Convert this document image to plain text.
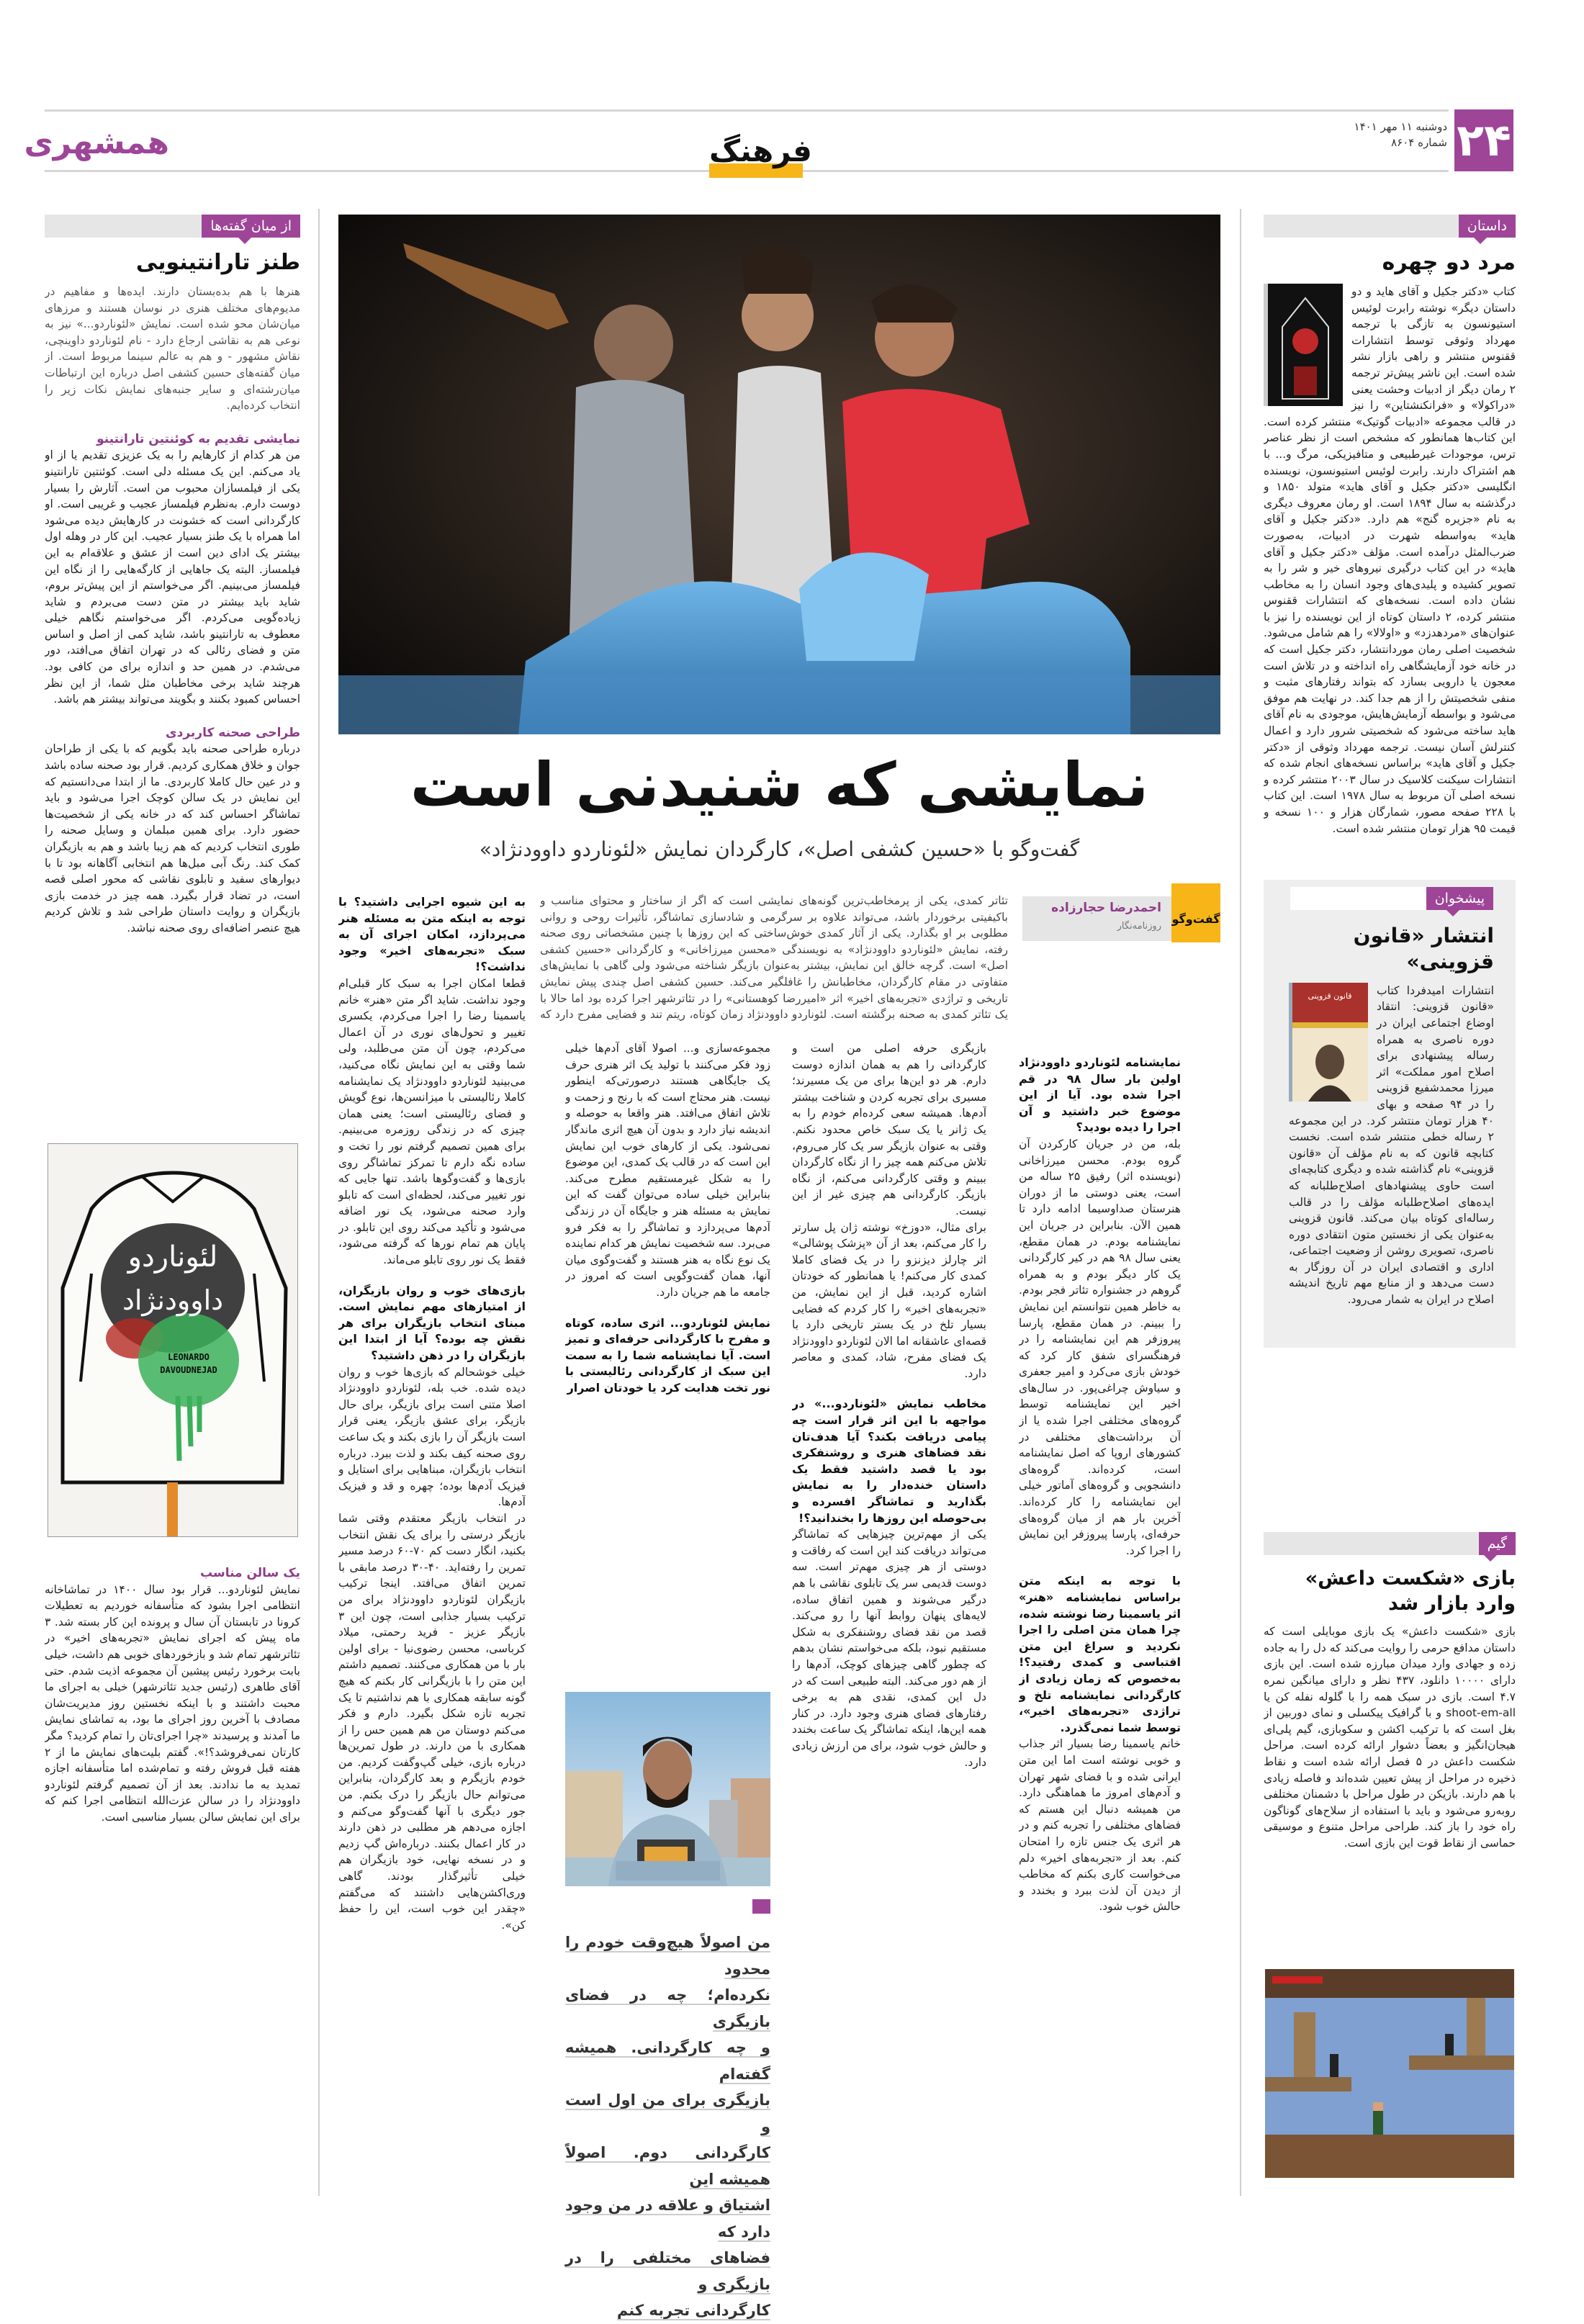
۲۴
دوشنبه ۱۱ مهر ۱۴۰۱
شماره ۸۶۰۴
همشهری	فرهنگ
نمایشی که شنیدنی است
گفت‌وگو با «حسین کشفی اصل»، کارگردان نمایش «لئوناردو داوودنژاد»
گفت‌وگو
احمدرضا حجارزاده
روزنامه‌نگار

تئاتر کمدی، یکی از پرمخاطب‌ترین گونه‌های نمایشی است که اگر از ساختار و محتوای مناسب و باکیفیتی برخوردار باشد، می‌تواند علاوه بر سرگرمی و شادسازی تماشاگر، تأثیرات روحی و روانی مطلوبی بر او بگذارد. یکی از آثار کمدی خوش‌ساختی که این روزها با چنین مشخصاتی روی صحنه رفته، نمایش «لئوناردو داوودنژاد» به نویسندگی «محسن میرزاخانی» و کارگردانی «حسین کشفی اصل» است. گرچه خالق این نمایش، بیشتر به‌عنوان بازیگر شناخته می‌شود ولی گاهی با نمایش‌های متفاوتی در مقام کارگردان، مخاطبانش را غافلگیر می‌کند. حسین کشفی اصل چندی پیش نمایش تاریخی و تراژدی «تجربه‌های اخیر» اثر «امیررضا کوهستانی» را در تئاترشهر اجرا کرده بود اما حالا با یک تئاتر کمدی به صحنه برگشته است. لئوناردو داوودنژاد زمان کوتاه، ریتم تند و فضایی مفرح دارد که

نمایشنامه لئوناردو داوودنژاد اولین بار سال ۹۸ در قم اجرا شده بود. آیا از این موضوع خبر داشتید و آن اجرا را دیده بودید؟

بله، من در جریان کارکردن آن گروه بودم. محسن میرزاخانی (نویسنده اثر) رفیق ۲۵ ساله من است، یعنی دوستی ما از دوران هنرستان صداوسیما ادامه دارد تا همین الآن. بنابراین در جریان این نمایشنامه بودم. در همان مقطع، یعنی سال ۹۸ هم در کیر کارگردانی یک کار دیگر بودم و به همراه گروهم در جشنواره تئاتر فجر بودم. به خاطر همین نتوانستم این نمایش را ببینم. در همان مقطع، پارسا پیروزفر هم این نمایشنامه را در فرهنگسرای شفق کار کرد که خودش بازی می‌کرد و امیر جعفری و سیاوش چراغی‌پور. در سال‌های اخیر این نمایشنامه توسط گروه‌های مختلفی اجرا شده یا از آن برداشت‌های مختلفی در کشورهای اروپا که اصل نمایشنامه است، کرده‌اند. گروه‌های دانشجویی و گروه‌های آماتور خیلی این نمایشنامه را کار کرده‌اند. آخرین بار هم از میان گروه‌های حرفه‌ای، پارسا پیروزفر این نمایش را اجرا کرد.

با توجه به اینکه متن براساس نمایشنامه «هنر» اثر یاسمینا رضا نوشته شده، چرا همان متن اصلی را اجرا نکردید و سراغ این متن اقتباسی و کمدی رفتید؟! به‌خصوص که زمان زیادی از کارگردانی نمایشنامه تلخ و تراژدی «تجربه‌های اخیر»، توسط شما نمی‌گذرد.

خانم یاسمینا رضا بسیار اثر جذاب و خوبی نوشته است اما این متن ایرانی شده و با فضای شهر تهران و آدم‌های امروز ما هماهنگی دارد. من همیشه دنبال این هستم که فضاهای مختلفی را تجربه کنم و در هر اثری یک جنس تازه را امتحان کنم. بعد از «تجربه‌های اخیر» دلم می‌خواست کاری بکنم که مخاطب از دیدن آن لذت ببرد و بخندد و حالش خوب شود.

بازیگری حرفه اصلی من است و کارگردانی را هم به همان اندازه دوست دارم. هر دو این‌ها برای من یک مسیرند؛ مسیری برای تجربه کردن و شناخت بیشتر آدم‌ها. همیشه سعی کرده‌ام خودم را به یک ژانر یا یک سبک خاص محدود نکنم. وقتی به عنوان بازیگر سر یک کار می‌روم، تلاش می‌کنم همه چیز را از نگاه کارگردان ببینم و وقتی کارگردانی می‌کنم، از نگاه بازیگر. کارگردانی هم چیزی غیر از این نیست.

برای مثال، «دوزخ» نوشته ژان پل سارتر را کار می‌کنم، بعد از آن «پزشک پوشالی» اثر چارلز دیزنزو را در یک فضای کاملا کمدی کار می‌کنم! یا همانطور که خودتان اشاره کردید، قبل از این نمایش، من «تجربه‌های اخیر» را کار کردم که فضایی بسیار تلخ در یک بستر تاریخی دارد با قصه‌ای عاشقانه اما الان لئوناردو داوودنژاد یک فضای مفرح، شاد، کمدی و معاصر دارد.

مخاطب نمایش «لئوناردو...» در مواجهه با این اثر قرار است چه پیامی دریافت بکند؟ آیا هدف‌تان نقد فضاهای هنری و روشنفکری بود یا قصد داشتید فقط یک داستان خنده‌دار را به نمایش بگذارید و تماشاگر افسرده و بی‌حوصله این روزها را بخندانید؟!

یکی از مهم‌ترین چیزهایی که تماشاگر می‌تواند دریافت کند این است که رفاقت و دوستی از هر چیزی مهم‌تر است. سه دوست قدیمی سر یک تابلوی نقاشی با هم درگیر می‌شوند و همین اتفاق ساده، لایه‌های پنهان روابط آنها را رو می‌کند. قصد من نقد فضای روشنفکری به شکل مستقیم نبود، بلکه می‌خواستم نشان بدهم که چطور گاهی چیزهای کوچک، آدم‌ها را از هم دور می‌کند. البته طبیعی است که در دل این کمدی، نقدی هم به برخی رفتارهای فضای هنری وجود دارد. در کنار همه این‌ها، اینکه تماشاگر یک ساعت بخندد و حالش خوب شود، برای من ارزش زیادی دارد.

مجموعه‌سازی و... اصولا آقای آدم‌ها خیلی زود فکر می‌کنند با تولید یک اثر هنری حرف یک جایگاهی هستند درصورتی‌که اینطور نیست. هنر محتاج است که با رنج و زحمت و تلاش اتفاق می‌افتد. هنر واقعا به حوصله و اندیشه نیاز دارد و بدون آن هیچ اثری ماندگار نمی‌شود. یکی از کارهای خوب این نمایش این است که در قالب یک کمدی، این موضوع را به شکل غیرمستقیم مطرح می‌کند. بنابراین خیلی ساده می‌توان گفت که این نمایش به مسئله هنر و جایگاه آن در زندگی آدم‌ها می‌پردازد و تماشاگر را به فکر فرو می‌برد. سه شخصیت نمایش هر کدام نماینده یک نوع نگاه به هنر هستند و گفت‌وگوی میان آنها، همان گفت‌وگویی است که امروز در جامعه ما هم جریان دارد.

نمایش لئوناردو... اثری ساده، کوتاه و مفرح با کارگردانی حرفه‌ای و تمیز است. آیا نمایشنامه شما را به سمت این سبک از کارگردانی رئالیستی با نور تخت هدایت کرد یا خودتان اصرار

به این شیوه اجرایی داشتید؟ با توجه به اینکه متن به مسئله هنر می‌پردازد، امکان اجرای آن به سبک «تجربه‌های اخیر» وجود نداشت؟!

قطعا امکان اجرا به سبک کار قبلی‌ام وجود نداشت. شاید اگر متن «هنر» خانم یاسمینا رضا را اجرا می‌کردم، یکسری تغییر و تحول‌های نوری در آن اعمال می‌کردم، چون آن متن می‌طلبد، ولی شما وقتی به این نمایش نگاه می‌کنید، می‌بینید لئوناردو داوودنژاد یک نمایشنامه کاملا رئالیستی با میزانسن‌ها، نوع گویش و فضای رئالیستی است؛ یعنی همان چیزی که در زندگی روزمره می‌بینیم. برای همین تصمیم گرفتم نور را تخت و ساده نگه دارم تا تمرکز تماشاگر روی بازی‌ها و گفت‌وگوها باشد. تنها جایی که نور تغییر می‌کند، لحظه‌ای است که تابلو وارد صحنه می‌شود، یک نور اضافه می‌شود و تأکید می‌کند روی این تابلو. در پایان هم تمام نورها که گرفته می‌شود، فقط یک نور روی تابلو می‌ماند.

بازی‌های خوب و روان بازیگران، از امتیازهای مهم نمایش است. مبنای انتخاب بازیگران برای هر نقش چه بوده؟ آیا از ابتدا این بازیگران را در ذهن داشتید؟

خیلی خوشحالم که بازی‌ها خوب و روان دیده شده. خب بله، لئوناردو داوودنژاد اصلا متنی است برای بازیگر، برای حال بازیگر، برای عشق بازیگر، یعنی قرار است بازیگر آن را بازی بکند و یک ساعت روی صحنه کیف بکند و لذت ببرد. درباره انتخاب بازیگران، مبناهایی برای استایل و فیزیک آدم‌ها بوده؛ چهره و قد و فیزیک آدم‌ها.

در انتخاب بازیگر معتقدم وقتی شما بازیگر درستی را برای یک نقش انتخاب بکنید، انگار دست کم ۷۰-۶۰ درصد مسیر تمرین را رفته‌اید. ۴۰-۳۰ درصد مابقی با تمرین اتفاق می‌افتد. اینجا ترکیب بازیگران لئوناردو داوودنژاد برای من ترکیب بسیار جذابی است، چون این ۳ بازیگر عزیز - فرید رحمتی، میلاد کرباسی، محسن رضوی‌نیا - برای اولین بار با من همکاری می‌کنند. تصمیم داشتم این متن را با بازیگرانی کار بکنم که هیچ گونه سابقه همکاری با هم نداشتیم تا یک تجربه تازه شکل بگیرد. دارم و فکر می‌کنم دوستان من هم همین حس را از همکاری با من دارند. در طول تمرین‌ها درباره بازی، خیلی گپ‌وگفت کردیم. من خودم بازیگرم و بعد کارگردان، بنابراین می‌توانم حال بازیگر را درک بکنم. من جور دیگری با آنها گفت‌وگو می‌کنم و اجازه می‌دهم هر مطلبی در ذهن دارند در کار اعمال بکنند. درباره‌اش گپ زدیم و در نسخه نهایی، خود بازیگران هم خیلی تأثیرگذار بودند. گاهی وری‌اکشن‌هایی داشتند که می‌گفتم «چقدر این خوب است، این را حفظ کن».

من اصولاً هیچ‌وقت خودم را محدود
نکرده‌ام؛ چه در فضای بازیگری
و چه کارگردانی. همیشه گفته‌ام
بازیگری برای من اول است و
کارگردانی دوم. اصولاً همیشه این
اشتیاق و علاقه در من وجود دارد که
فضاهای مختلفی را در بازیگری و
کارگردانی تجربه کنم
از میان گفته‌ها
طنز تارانتینویی

هنرها با هم بده‌بستان دارند. ایده‌ها و مفاهیم در مدیوم‌های مختلف هنری در نوسان هستند و مرزهای میان‌شان محو شده است. نمایش «لئوناردو...» نیز به نوعی هم به نقاشی ارجاع دارد - نام لئوناردو داوینچی، نقاش مشهور - و هم به عالم سینما مربوط است. از میان گفته‌های حسین کشفی اصل درباره این ارتباطات میان‌رشته‌ای و سایر جنبه‌های نمایش نکات زیر را انتخاب کرده‌ایم.

نمایشی تقدیم به کوئنتین تارانتینو

من هر کدام از کارهایم را به یک عزیزی تقدیم یا از او یاد می‌کنم. این یک مسئله دلی است. کوئنتین تارانتینو یکی از فیلمسازان محبوب من است. آثارش را بسیار دوست دارم. به‌نظرم فیلمساز عجیب و غریبی است. او کارگردانی است که خشونت در کارهایش دیده می‌شود اما همراه با یک طنز بسیار عجیب. این کار در وهله اول بیشتر یک ادای دین است از عشق و علاقه‌ام به این فیلمساز. البته یک جاهایی از کارگه‌هایی را از نگاه این فیلمساز می‌بینیم. اگر می‌خواستم از این پیش‌تر بروم، شاید باید بیشتر در متن دست می‌بردم و شاید زیاده‌گویی می‌کردم. اگر می‌خواستم نگاهم خیلی معطوف به تارانتینو باشد، شاید کمی از اصل و اساس متن و فضای رئالی که در تهران اتفاق می‌افتد، دور می‌شدم. در همین حد و اندازه برای من کافی بود. هرچند شاید برخی مخاطبان مثل شما، از این نظر احساس کمبود بکنند و بگویند می‌تواند بیشتر هم باشد.

طراحی صحنه کاربردی

درباره طراحی صحنه باید بگویم که با یکی از طراحان جوان و خلاق همکاری کردیم. قرار بود صحنه ساده باشد و در عین حال کاملا کاربردی. ما از ابتدا می‌دانستیم که این نمایش در یک سالن کوچک اجرا می‌شود و باید تماشاگر احساس کند که در خانه یکی از شخصیت‌ها حضور دارد. برای همین مبلمان و وسایل صحنه را طوری انتخاب کردیم که هم زیبا باشد و هم به بازیگران کمک کند. رنگ آبی مبل‌ها هم انتخابی آگاهانه بود تا با دیوارهای سفید و تابلوی نقاشی که محور اصلی قصه است، در تضاد قرار بگیرد. همه چیز در خدمت بازی بازیگران و روایت داستان طراحی شد و تلاش کردیم هیچ عنصر اضافه‌ای روی صحنه نباشد.

لئوناردو
داوودنژاد
LEONARDO
DAVOUDNEJAD

یک سالن مناسب

نمایش لئوناردو... قرار بود سال ۱۴۰۰ در تماشاخانه انتظامی اجرا بشود که متأسفانه خوردیم به تعطیلات کرونا در تابستان آن سال و پرونده این کار بسته شد. ۳ ماه پیش که اجرای نمایش «تجربه‌های اخیر» در تئاترشهر تمام شد و بازخوردهای خوبی هم داشت، خیلی بابت برخورد رئیس پیشین آن مجموعه اذیت شدم. حتی آقای طاهری (رئیس جدید تئاترشهر) خیلی به اجرای ما محبت داشتند و با اینکه نخستین روز مدیریت‌شان مصادف با آخرین روز اجرای ما بود، به تماشای نمایش ما آمدند و پرسیدند «چرا اجرای‌تان را تمام کردید؟ مگر کارتان نمی‌فروشد؟!». گفتم بلیت‌های نمایش ما از ۲ هفته قبل فروش رفته و تمام‌شده اما متأسفانه اجازه تمدید به ما ندادند. بعد از آن تصمیم گرفتم لئوناردو داوودنژاد را در سالن عزت‌الله انتظامی اجرا کنم که برای این نمایش سالن بسیار مناسبی است.

داستان
مرد دو چهره

کتاب «دکتر جکیل و آقای هاید و دو داستان دیگر» نوشته رابرت لوئیس استیونسون به تازگی با ترجمه مهرداد وثوقی توسط انتشارات ققنوس منتشر و راهی بازار نشر شده است. این ناشر پیش‌تر ترجمه ۲ رمان دیگر از ادبیات وحشت یعنی «دراکولا» و «فرانکنشتاین» را نیز در قالب مجموعه «ادبیات گوتیک» منتشر کرده است. این کتاب‌ها همانطور که مشخص است از نظر عناصر ترس، موجودات غیرطبیعی و متافیزیکی، مرگ و... با هم اشتراک دارند. رابرت لوئیس استیونسون، نویسنده انگلیسی «دکتر جکیل و آقای هاید» متولد ۱۸۵۰ و درگذشته به سال ۱۸۹۴ است. او رمان معروف دیگری به نام «جزیره گنج» هم دارد. «دکتر جکیل و آقای هاید» به‌واسطه شهرت در ادبیات، به‌صورت ضرب‌المثل درآمده است. مؤلف «دکتر جکیل و آقای هاید» در این کتاب درگیری نیروهای خیر و شر را به تصویر کشیده و پلیدی‌های وجود انسان را به مخاطب نشان داده است. نسخه‌های که انتشارات ققنوس منتشر کرده، ۲ داستان کوتاه از این نویسنده را نیز با عنوان‌های «مردهدزد» و «اولالا» را هم شامل می‌شود. شخصیت اصلی رمان موردانتشار، دکتر جکیل است که در خانه خود آزمایشگاهی راه انداخته و در تلاش است معجون یا دارویی بسازد که بتواند رفتارهای مثبت و منفی شخصیتش را از هم جدا کند. در نهایت هم موفق می‌شود و بواسطه آزمایش‌هایش، موجودی به نام آقای هاید ساخته می‌شود که شخصیتی شرور دارد و اعمال کنترلش آسان نیست. ترجمه مهرداد وثوقی از «دکتر جکیل و آقای هاید» براساس نسخه‌های انجام شده که انتشارات سیکنت کلاسیک در سال ۲۰۰۳ منتشر کرده و نسخه اصلی آن مربوط به سال ۱۹۷۸ است. این کتاب با ۲۲۸ صفحه مصور، شمارگان هزار و ۱۰۰ نسخه و قیمت ۹۵ هزار تومان منتشر شده است.

پیشخوان
انتشار «قانون قزوینی»
قانون قزوینی	انتشارات امیدفردا کتاب «قانون قزوینی: انتقاد اوضاع اجتماعی ایران در دوره ناصری به همراه رساله پیشنهادی برای اصلاح امور مملکت» اثر میرزا محمدشفیع قزوینی را در ۹۴ صفحه و بهای ۴۰ هزار تومان منتشر کرد. در این مجموعه ۲ رساله خطی منتشر شده است. نخست کتابچه قانون که به نام مؤلف آن «قانون قزوینی» نام گذاشته شده و دیگری کتابچه‌ای است حاوی پیشنهادهای اصلاح‌طلبانه که ایده‌های اصلاح‌طلبانه مؤلف را در قالب رساله‌ای کوتاه بیان می‌کند. قانون قزوینی به‌عنوان یکی از نخستین متون انتقادی دوره ناصری، تصویری روشن از وضعیت اجتماعی، اداری و اقتصادی ایران در آن روزگار به دست می‌دهد و از منابع مهم تاریخ اندیشه اصلاح در ایران به شمار می‌رود.

گیم
بازی «شکست داعش» وارد بازار شد

بازی «شکست داعش» یک بازی موبایلی است که داستان مدافع حرمی را روایت می‌کند که دل را به جاده زده و جهادی وارد میدان مبارزه شده است. این بازی دارای ۱۰۰۰۰ دانلود، ۴۳۷ نظر و دارای میانگین نمره ۴.۷ است. بازی در سبک همه را با گلوله نفله کن یا shoot-em-all و با گرافیک پیکسلی و نمای دوربین از بغل است که با ترکیب اکشن و سکوبازی، گیم پلی‌ای هیجان‌انگیز و بعضاً دشوار ارائه کرده است. مراحل شکست داعش در ۵ فصل ارائه شده است و نقاط ذخیره در مراحل از پیش تعیین شده‌اند و فاصله زیادی با هم دارند. بازیکن در طول مراحل با دشمنان مختلفی روبه‌رو می‌شود و باید با استفاده از سلاح‌های گوناگون راه خود را باز کند. طراحی مراحل متنوع و موسیقی حماسی از نقاط قوت این بازی است.
